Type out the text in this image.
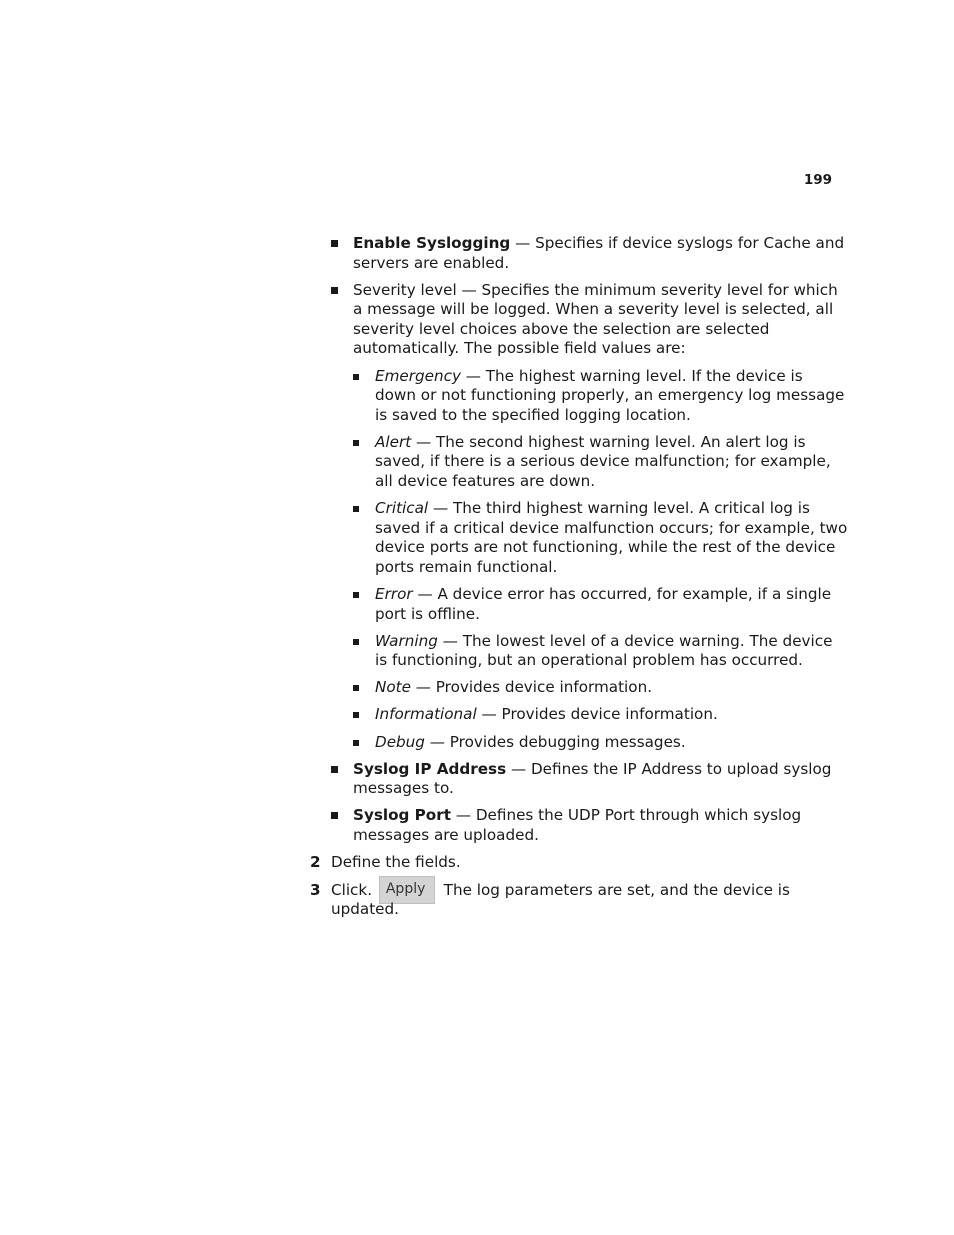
199
Enable Syslogging — Specifies if device syslogs for Cache and servers are enabled.
Severity level — Specifies the minimum severity level for which a message will be logged. When a severity level is selected, all severity level choices above the selection are selected automatically. The possible field values are:
Emergency — The highest warning level. If the device is down or not functioning properly, an emergency log message is saved to the specified logging location.
Alert — The second highest warning level. An alert log is saved, if there is a serious device malfunction; for example, all device features are down.
Critical — The third highest warning level. A critical log is saved if a critical device malfunction occurs; for example, two device ports are not functioning, while the rest of the device ports remain functional.
Error — A device error has occurred, for example, if a single port is offline.
Warning — The lowest level of a device warning. The device is functioning, but an operational problem has occurred.
Note — Provides device information.
Informational — Provides device information.
Debug — Provides debugging messages.
Syslog IP Address — Defines the IP Address to upload syslog messages to.
Syslog Port — Defines the UDP Port through which syslog messages are uploaded.
2 Define the fields.
3 Click. Apply The log parameters are set, and the device is updated.
